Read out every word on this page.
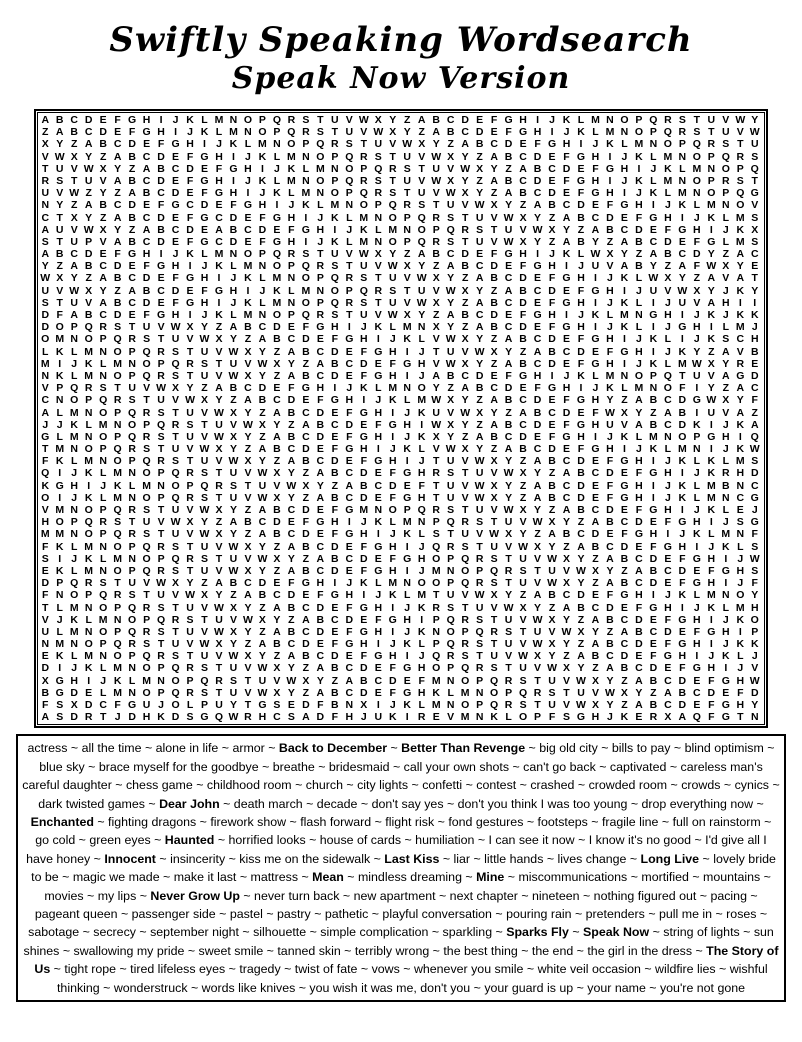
Swiftly Speaking Wordsearch
Speak Now Version
A B C D E F G H I J K L M N O P Q R S T U V W X Y Z A B C D E F G H I J K L M N O P Q R S T U V W Y
Z A B C D E F G H I J K L M N O P Q R S T U V W X Y Z A B C D E F G H I J K L M N O P Q R S T U V W
X Y Z A B C D E F G H I J K L M N O P Q R S T U V W X Y Z A B C D E F G H I J K L M N O P Q R S T U
V W X Y Z A B C D E F G H I J K L M N O P Q R S T U V W X Y Z A B C D E F G H I J K L M N O P Q R S
T U V W X Y Z A B C D E F G H I J K L M N O P Q R S T U V W X Y Z A B C D E F G H I J K L M N O P Q
R S T U V A B C D E F G H I J K L M N O P Q R S T U V W X Y Z A B C D E F G H I J K L M N O P R S T
U V W Z Y Z A B C D E F G H I J K L M N O P Q R S T U V W X Y Z A B C D E F G H I J K L M N O P Q G
N Y Z A B C D E F G C D E F G H I J K L M N O P Q R S T U V W X Y Z A B C D E F G H I J K L M N O V
C T X Y Z A B C D E F G C D E F G H I J K L M N O P Q R S T U V W X Y Z A B C D E F G H I J K L M S
A U V W X Y Z A B C D E A B C D E F G H I J K L M N O P Q R S T U V W X Y Z A B C D E F G H I J K X
S T U P V A B C D E F G C D E F G H I J K L M N O P Q R S T U V W X Y Z A B Y Z A B C D E F G L M S
A B C D E F G H I J K L M N O P Q R S T U V W X Y Z A B C D E F G H I J K L W X Y Z A B C D Y Z A C
Y Z A B C D E F G H I J K L M N O P Q R S T U V W X Y Z A B C D E F G H I J U V A B Y Z A F W X Y E
W X Y Z A B C D E F G H I J K L M N O P Q R S T U V W X Y Z A B C D E F G H I J K L W X Y Z A V A T
U V W X Y Z A B C D E F G H I J K L M N O P Q R S T U V W X Y Z A B C D E F G H I J U V W X Y J K Y
S T U V A B C D E F G H I J K L M N O P Q R S T U V W X Y Z A B C D E F G H I J K L I J U V A H I	I
D F A B C D E F G H I J K L M N O P Q R S T U V W X Y Z A B C D E F G H I J K L M N G H I J K J K K
D O P Q R S T U V W X Y Z A B C D E F G H I J K L M N X Y Z A B C D E F G H I J K L I J G H I L M J
O M N O P Q R S T U V W X Y Z A B C D E F G H I J K L V W X Y Z A B C D E F G H I J K L I J K S C H
L K L M N O P Q R S T U V W X Y Z A B C D E F G H I J T U V W X Y Z A B C D E F G H I J K Y Z A V B
M I J K L M N O P Q R S T U V W X Y Z A B C D E F G H V W X Y Z A B C D E F G H I J K L M W X Y R E
N K L M N O P Q R S T U V W X Y Z A B C D E F G H I J A B C D E F G H I J K L M N O P Q T U V A G D
V P Q R S T U V W X Y Z A B C D E F G H I J K L M N O Y Z A B C D E F G H I J K L M N O F I Y Z A C
C N O P Q R S T U V W X Y Z A B C D E F G H I J K L M W X Y Z A B C D E F G H Y Z A B C D G W X Y F
A L M N O P Q R S T U V W X Y Z A B C D E F G H I J K U V W X Y Z A B C D E F W X Y Z A B I U V A Z
J J K L M N O P Q R S T U V W X Y Z A B C D E F G H I W X Y Z A B C D E F G H U V A B C D K I J K A
G L M N O P Q R S T U V W X Y Z A B C D E F G H I J K X Y Z A B C D E F G H I J K L M N O P G H I Q
T M N O P Q R S T U V W X Y Z A B C D E F G H I J K L V W X Y Z A B C D E F G H I J K L M N I J K W
F K L M N O P Q R S T U V W X Y Z A B C D E F G H I J T U V W X Y Z A B C D E F G H I J K L K L M S
Q I J K L M N O P Q R S T U V W X Y Z A B C D E F G H R S T U V W X Y Z A B C D E F G H I J K R H D
K G H I J K L M N O P Q R S T U V W X Y Z A B C D E F T U V W X Y Z A B C D E F G H I J K L M B N C
O I J K L M N O P Q R S T U V W X Y Z A B C D E F G H T U V W X Y Z A B C D E F G H I J K L M N C G
V M N O P Q R S T U V W X Y Z A B C D E F G M N O P Q R S T U V W X Y Z A B C D E F G H I J K L E J
H O P Q R S T U V W X Y Z A B C D E F G H I J K L M N P Q R S T U V W X Y Z A B C D E F G H I J S G
M M N O P Q R S T U V W X Y Z A B C D E F G H I J K L S T U V W X Y Z A B C D E F G H I J K L M N F
F K L M N O P Q R S T U V W X Y Z A B C D E F G H I J Q R S T U V W X Y Z A B C D E F G H I J K L S
S I J K L M N O P Q R S T U V W X Y Z A B C D E F G H O P Q R S T U V W X Y Z A B C D E F G H I J W
E K L M N O P Q R S T U V W X Y Z A B C D E F G H I J M N O P Q R S T U V W X Y Z A B C D E F G H S
D P Q R S T U V W X Y Z A B C D E F G H I J K L M N O O P Q R S T U V W X Y Z A B C D E F G H I J F
F N O P Q R S T U V W X Y Z A B C D E F G H I J K L M T U V W X Y Z A B C D E F G H I J K L M N O Y
T L M N O P Q R S T U V W X Y Z A B C D E F G H I J K R S T U V W X Y Z A B C D E F G H I J K L M H
V J K L M N O P Q R S T U V W X Y Z A B C D E F G H I P Q R S T U V W X Y Z A B C D E F G H I J K O
U L M N O P Q R S T U V W X Y Z A B C D E F G H I J K N O P Q R S T U V W X Y Z A B C D E F G H I P
N M N O P Q R S T U V W X Y Z A B C D E F G H I J K L P Q R S T U V W X Y Z A B C D E F G H I J K K
E K L M N O P Q R S T U V W X Y Z A B C D E F G H I J Q R S T U V W X Y Z A B C D E F G H I J K L J
D I J K L M N O P Q R S T U V W X Y Z A B C D E F G H O P Q R S T U V W X Y Z A B C D E F G H I J V
X G H I J K L M N O P Q R S T U V W X Y Z A B C D E F M N O P Q R S T U V W X Y Z A B C D E F G H W
B G D E L M N O P Q R S T U V W X Y Z A B C D E F G H K L M N O P Q R S T U V W X Y Z A B C D E F D
F S X D C F G U J O L P U Y T G S E D F B N X I J K L M N O P Q R S T U V W X Y Z A B C D E F G H Y
A S D R T J D H K D S G Q W R H C S A D F H J U K I R E V M N K L O P F S G H J K E R X A Q F G T N

actress ~ all the time ~ alone in life ~ armor ~ Back to December ~ Better Than Revenge ~ big old city ~ bills to pay ~ blind optimism ~ blue sky ~ brace myself for the goodbye ~ breathe ~ bridesmaid ~ call your own shots ~ can't go back ~ captivated ~ careless man's careful daughter ~ chess game ~ childhood room ~ church ~ city lights ~ confetti ~ contest ~ crashed ~ crowded room ~ crowds ~ cynics ~ dark twisted games ~ Dear John ~ death march ~ decade ~ don't say yes ~ don't you think I was too young ~ drop everything now ~ Enchanted ~ fighting dragons ~ firework show ~ flash forward ~ flight risk ~ fond gestures ~ footsteps ~ fragile line ~ full on rainstorm ~ go cold ~ green eyes ~ Haunted ~ horrified looks ~ house of cards ~ humiliation ~ I can see it now ~ I know it's no good ~ I'd give all I have honey ~ Innocent ~ insincerity ~ kiss me on the sidewalk ~ Last Kiss ~ liar ~ little hands ~ lives change ~ Long Live ~ lovely bride to be ~ magic we made ~ make it last ~ mattress ~ Mean ~ mindless dreaming ~ Mine ~ miscommunications ~ mortified ~ mountains ~ movies ~ my lips ~ Never Grow Up ~ never turn back ~ new apartment ~ next chapter ~ nineteen ~ nothing figured out ~ pacing ~ pageant queen ~ passenger side ~ pastel ~ pastry ~ pathetic ~ playful conversation ~ pouring rain ~ pretenders ~ pull me in ~ roses ~ sabotage ~ secrecy ~ september night ~ silhouette ~ simple complication ~ sparkling ~ Sparks Fly ~ Speak Now ~ string of lights ~ sun shines ~ swallowing my pride ~ sweet smile ~ tanned skin ~ terribly wrong ~ the best thing ~ the end ~ the girl in the dress ~ The Story of Us ~ tight rope ~ tired lifeless eyes ~ tragedy ~ twist of fate ~ vows ~ whenever you smile ~ white veil occasion ~ wildfire lies ~ wishful thinking ~ wonderstruck ~ words like knives ~ you wish it was me, don't you ~ your guard is up ~ your name ~ you're not gone
